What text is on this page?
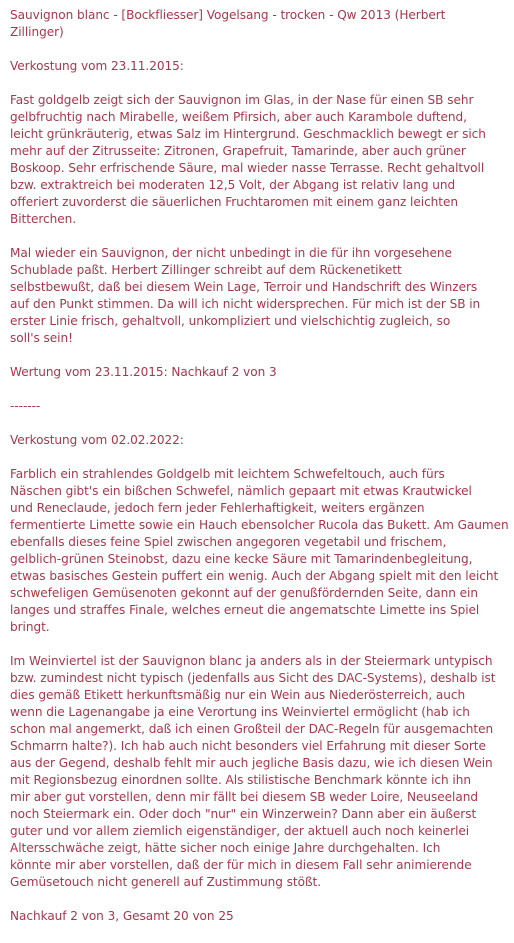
Sauvignon blanc - [Bockfliesser] Vogelsang - trocken - Qw 2013 (Herbert
Zillinger)
Verkostung vom 23.11.2015:
Fast goldgelb zeigt sich der Sauvignon im Glas, in der Nase für einen SB sehr
gelbfruchtig nach Mirabelle, weißem Pfirsich, aber auch Karambole duftend,
leicht grünkräuterig, etwas Salz im Hintergrund. Geschmacklich bewegt er sich
mehr auf der Zitrusseite: Zitronen, Grapefruit, Tamarinde, aber auch grüner
Boskoop. Sehr erfrischende Säure, mal wieder nasse Terrasse. Recht gehaltvoll
bzw. extraktreich bei moderaten 12,5 Volt, der Abgang ist relativ lang und
offeriert zuvorderst die säuerlichen Fruchtaromen mit einem ganz leichten
Bitterchen.
Mal wieder ein Sauvignon, der nicht unbedingt in die für ihn vorgesehene
Schublade paßt. Herbert Zillinger schreibt auf dem Rückenetikett
selbstbewußt, daß bei diesem Wein Lage, Terroir und Handschrift des Winzers
auf den Punkt stimmen. Da will ich nicht widersprechen. Für mich ist der SB in
erster Linie frisch, gehaltvoll, unkompliziert und vielschichtig zugleich, so
soll's sein!
Wertung vom 23.11.2015: Nachkauf 2 von 3
-------
Verkostung vom 02.02.2022:
Farblich ein strahlendes Goldgelb mit leichtem Schwefeltouch, auch fürs
Näschen gibt's ein bißchen Schwefel, nämlich gepaart mit etwas Krautwickel
und Reneclaude, jedoch fern jeder Fehlerhaftigkeit, weiters ergänzen
fermentierte Limette sowie ein Hauch ebensolcher Rucola das Bukett. Am Gaumen
ebenfalls dieses feine Spiel zwischen angegoren vegetabil und frischem,
gelblich-grünen Steinobst, dazu eine kecke Säure mit Tamarindenbegleitung,
etwas basisches Gestein puffert ein wenig. Auch der Abgang spielt mit den leicht
schwefeligen Gemüsenoten gekonnt auf der genußfördernden Seite, dann ein
langes und straffes Finale, welches erneut die angematschte Limette ins Spiel
bringt.
Im Weinviertel ist der Sauvignon blanc ja anders als in der Steiermark untypisch
bzw. zumindest nicht typisch (jedenfalls aus Sicht des DAC-Systems), deshalb ist
dies gemäß Etikett herkunftsmäßig nur ein Wein aus Niederösterreich, auch
wenn die Lagenangabe ja eine Verortung ins Weinviertel ermöglicht (hab ich
schon mal angemerkt, daß ich einen Großteil der DAC-Regeln für ausgemachten
Schmarrn halte?). Ich hab auch nicht besonders viel Erfahrung mit dieser Sorte
aus der Gegend, deshalb fehlt mir auch jegliche Basis dazu, wie ich diesen Wein
mit Regionsbezug einordnen sollte. Als stilistische Benchmark könnte ich ihn
mir aber gut vorstellen, denn mir fällt bei diesem SB weder Loire, Neuseeland
noch Steiermark ein. Oder doch "nur" ein Winzerwein? Dann aber ein äußerst
guter und vor allem ziemlich eigenständiger, der aktuell auch noch keinerlei
Altersschwäche zeigt, hätte sicher noch einige Jahre durchgehalten. Ich
könnte mir aber vorstellen, daß der für mich in diesem Fall sehr animierende
Gemüsetouch nicht generell auf Zustimmung stößt.
Nachkauf 2 von 3, Gesamt 20 von 25
